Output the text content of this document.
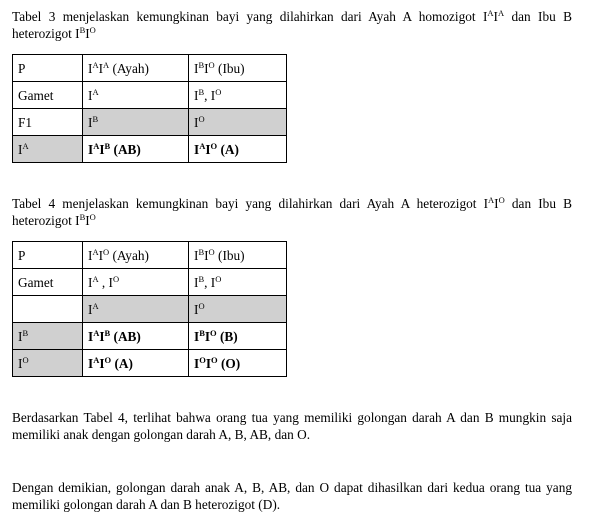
Tabel 3 menjelaskan kemungkinan bayi yang dilahirkan dari Ayah A homozigot $I^AI^A$ dan Ibu B heterozigot $I^BI^O$

P	$I^AI^A$ (Ayah)	$I^BI^O$ (Ibu)
Gamet	$I^A$	$I^B$, $I^O$
F1	$I^B$	$I^O$
$I^A$	$I^AI^B$ (AB)	$I^AI^O$ (A)

Tabel 4 menjelaskan kemungkinan bayi yang dilahirkan dari Ayah A heterozigot $I^AI^O$ dan Ibu B heterozigot $I^BI^O$

P	$I^AI^O$ (Ayah)	$I^BI^O$ (Ibu)
Gamet	$I^A$ , $I^O$	$I^B$, $I^O$
	$I^A$	$I^O$
$I^B$	$I^AI^B$ (AB)	$I^BI^O$ (B)
$I^O$	$I^AI^O$ (A)	$I^OI^O$ (O)

Berdasarkan Tabel 4, terlihat bahwa orang tua yang memiliki golongan darah A dan B mungkin saja memiliki anak dengan golongan darah A, B, AB, dan O.

Dengan demikian, golongan darah anak A, B, AB, dan O dapat dihasilkan dari kedua orang tua yang memiliki golongan darah A dan B heterozigot (D).
